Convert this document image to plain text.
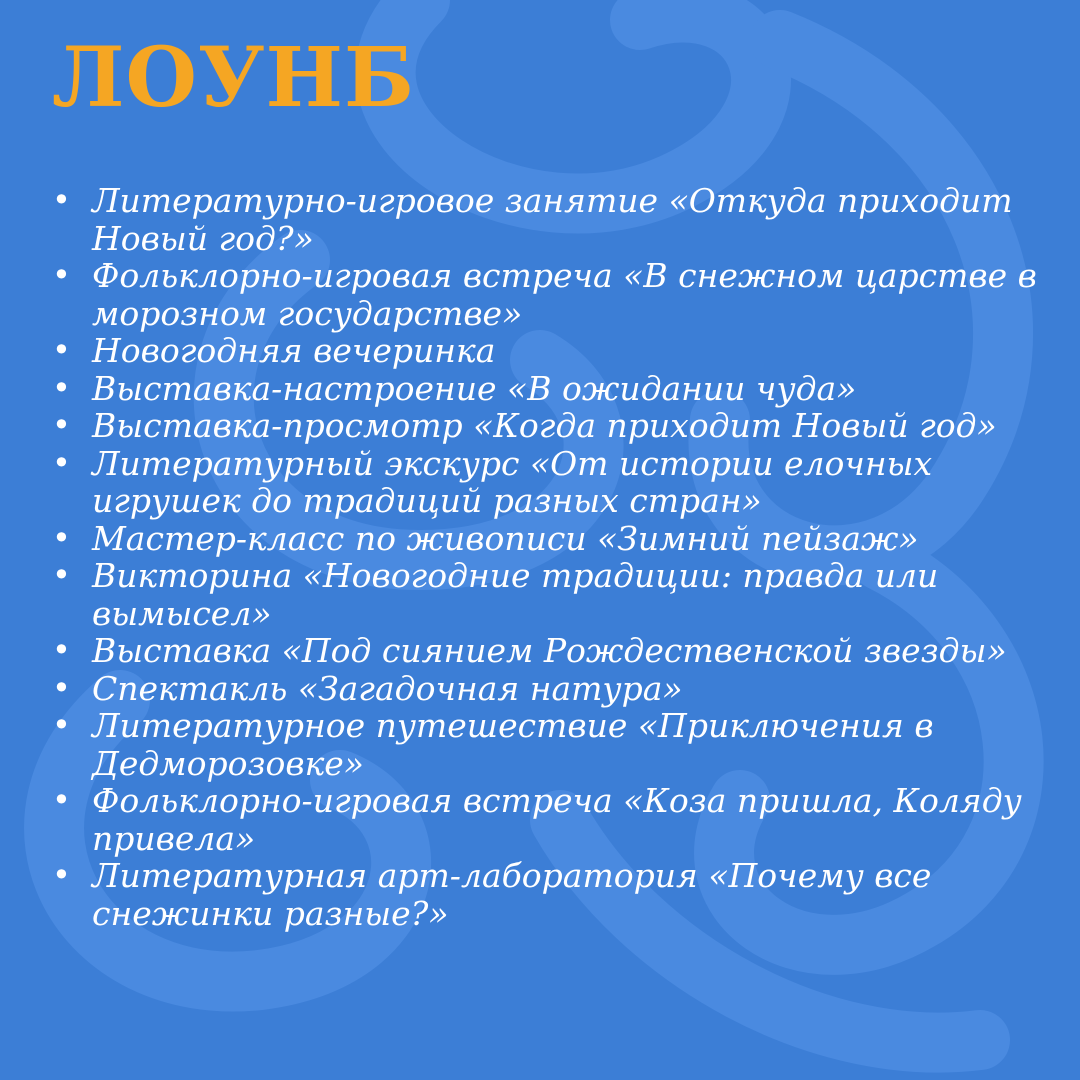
ЛОУНБ
• Литературно-игровое занятие «Откуда приходит Новый год?»
• Фольклорно-игровая встреча «В снежном царстве в морозном государстве»
• Новогодняя вечеринка
• Выставка-настроение «В ожидании чуда»
• Выставка-просмотр «Когда приходит Новый год»
• Литературный экскурс «От истории елочных игрушек до традиций разных стран»
• Мастер-класс по живописи «Зимний пейзаж»
• Викторина «Новогодние традиции: правда или вымысел»
• Выставка «Под сиянием Рождественской звезды»
• Спектакль «Загадочная натура»
• Литературное путешествие «Приключения в Дедморозовке»
• Фольклорно-игровая встреча «Коза пришла, Коляду привела»
• Литературная арт-лаборатория «Почему все снежинки разные?»
